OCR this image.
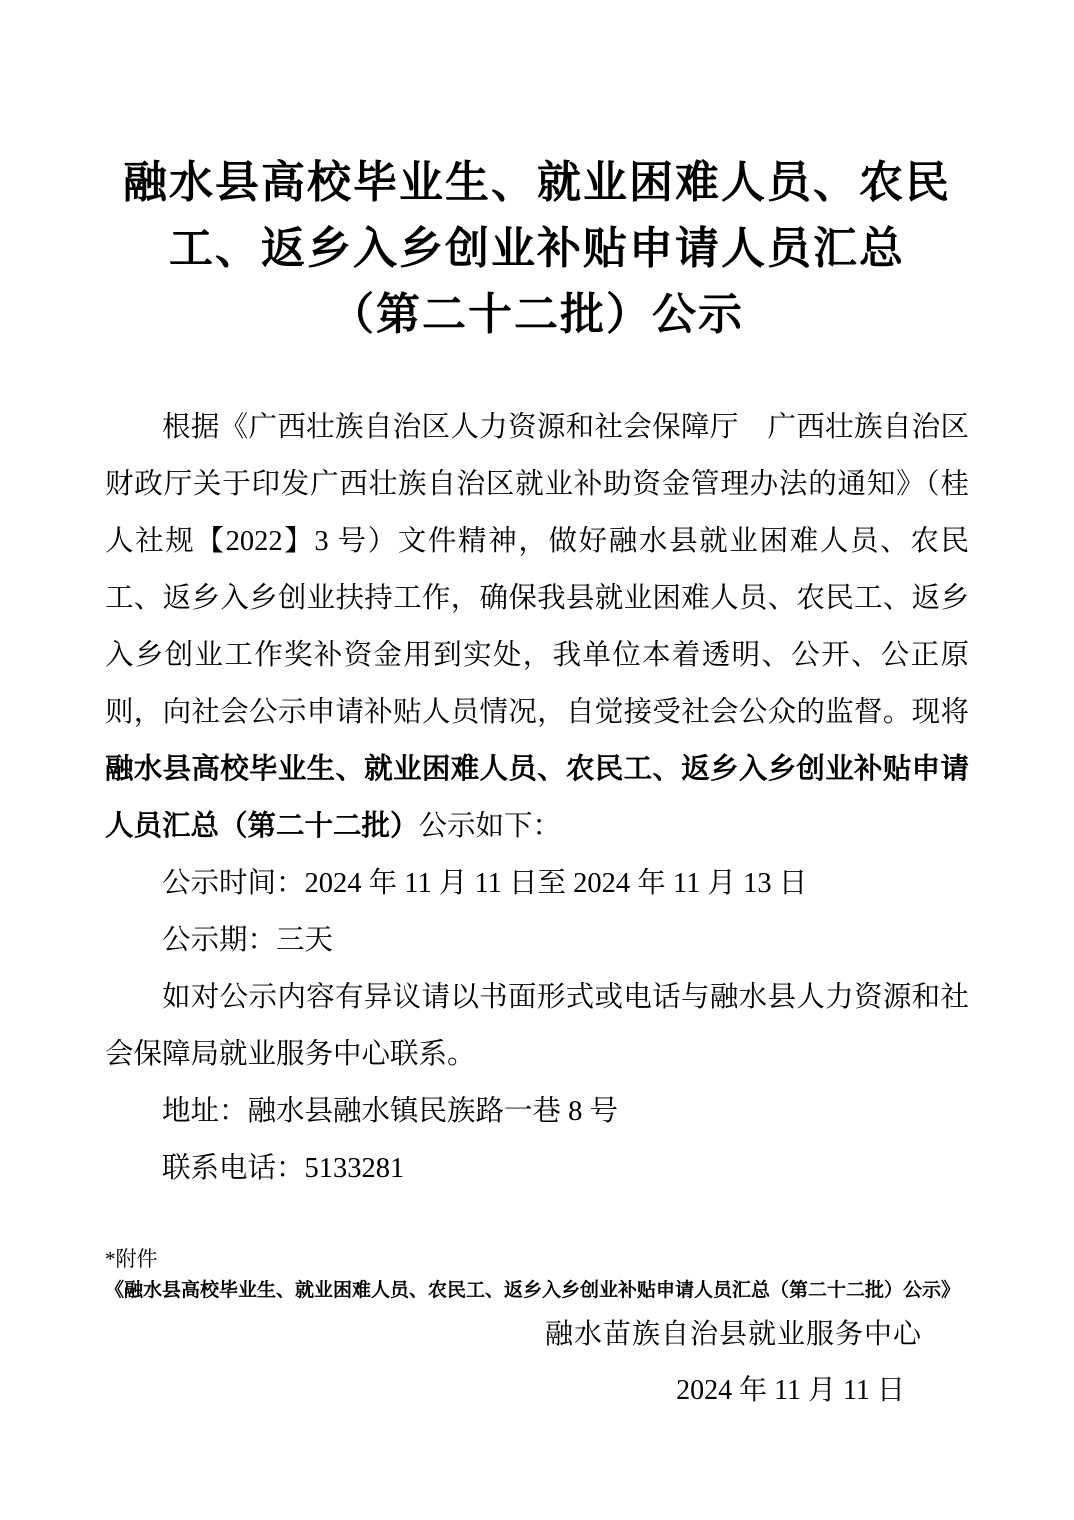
融水县高校毕业生、就业困难人员、农民
工、返乡入乡创业补贴申请人员汇总
（第二十二批）公示

根据《广西壮族自治区人力资源和社会保障厅　广西壮族自治区财政厅关于印发广西壮族自治区就业补助资金管理办法的通知》（桂人社规【2022】3 号）文件精神，做好融水县就业困难人员、农民工、返乡入乡创业扶持工作，确保我县就业困难人员、农民工、返乡入乡创业工作奖补资金用到实处，我单位本着透明、公开、公正原则，向社会公示申请补贴人员情况，自觉接受社会公众的监督。现将融水县高校毕业生、就业困难人员、农民工、返乡入乡创业补贴申请人员汇总（第二十二批）公示如下：

公示时间：2024 年 11 月 11 日至 2024 年 11 月 13 日

公示期：三天

如对公示内容有异议请以书面形式或电话与融水县人力资源和社会保障局就业服务中心联系。

地址：融水县融水镇民族路一巷 8 号

联系电话：5133281

*附件
《融水县高校毕业生、就业困难人员、农民工、返乡入乡创业补贴申请人员汇总（第二十二批）公示》
融水苗族自治县就业服务中心
2024 年 11 月 11 日
